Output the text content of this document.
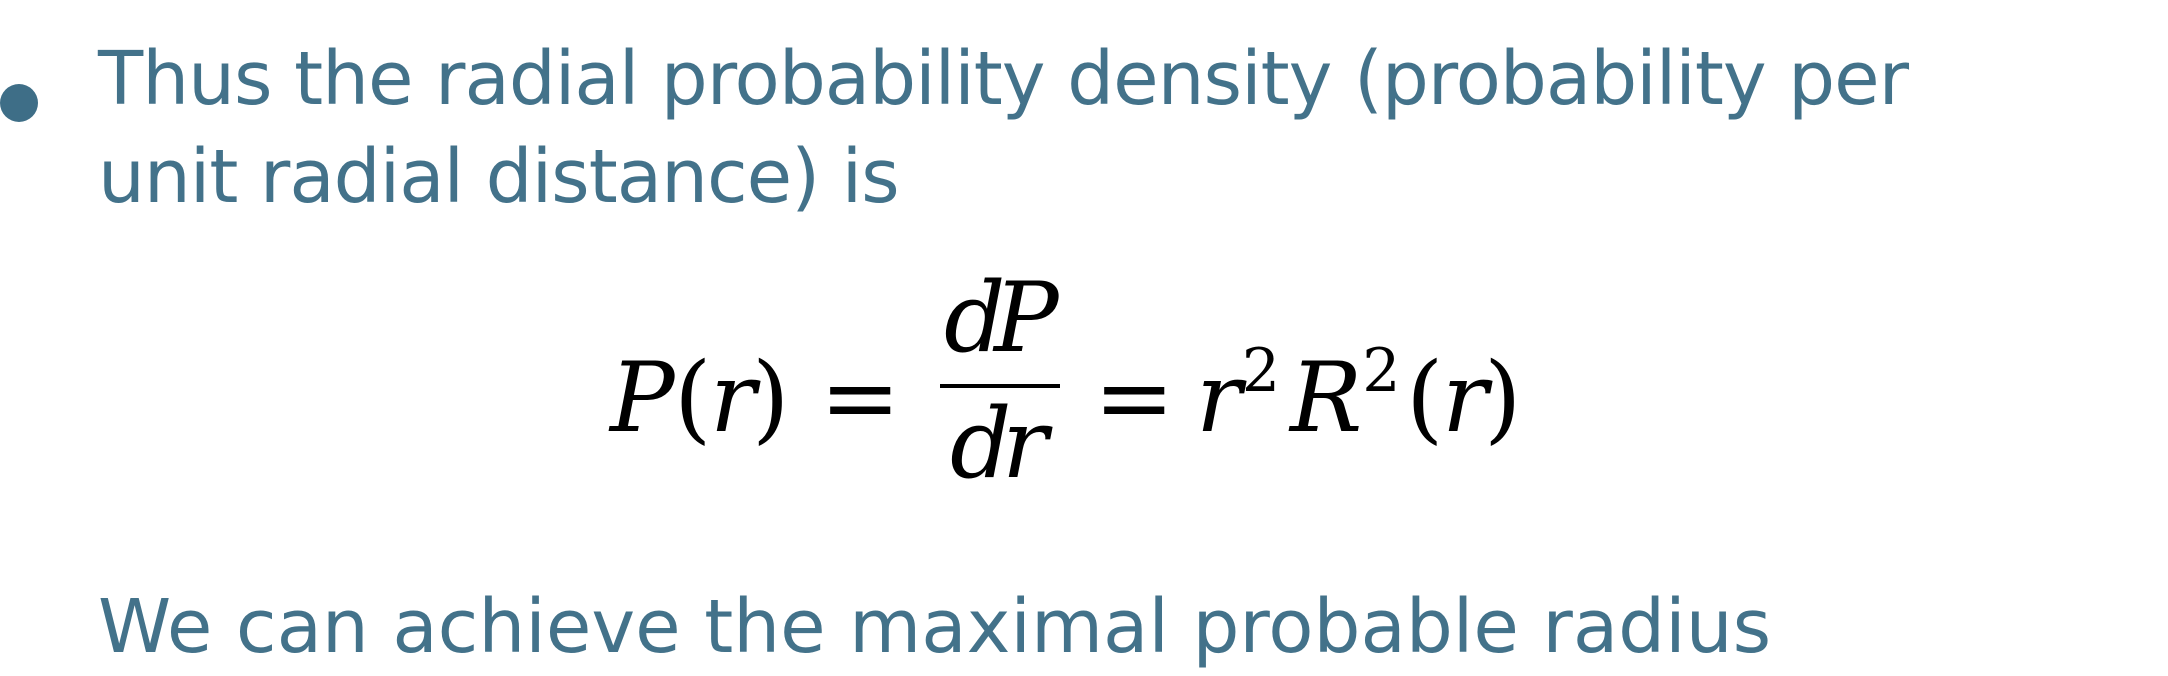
Thus the radial probability density (probability per unit radial distance) is
P (
r
) =
d
P
d
$r = r^2$ $R^2$ (
r
)
We can achieve the maximal probable radius
